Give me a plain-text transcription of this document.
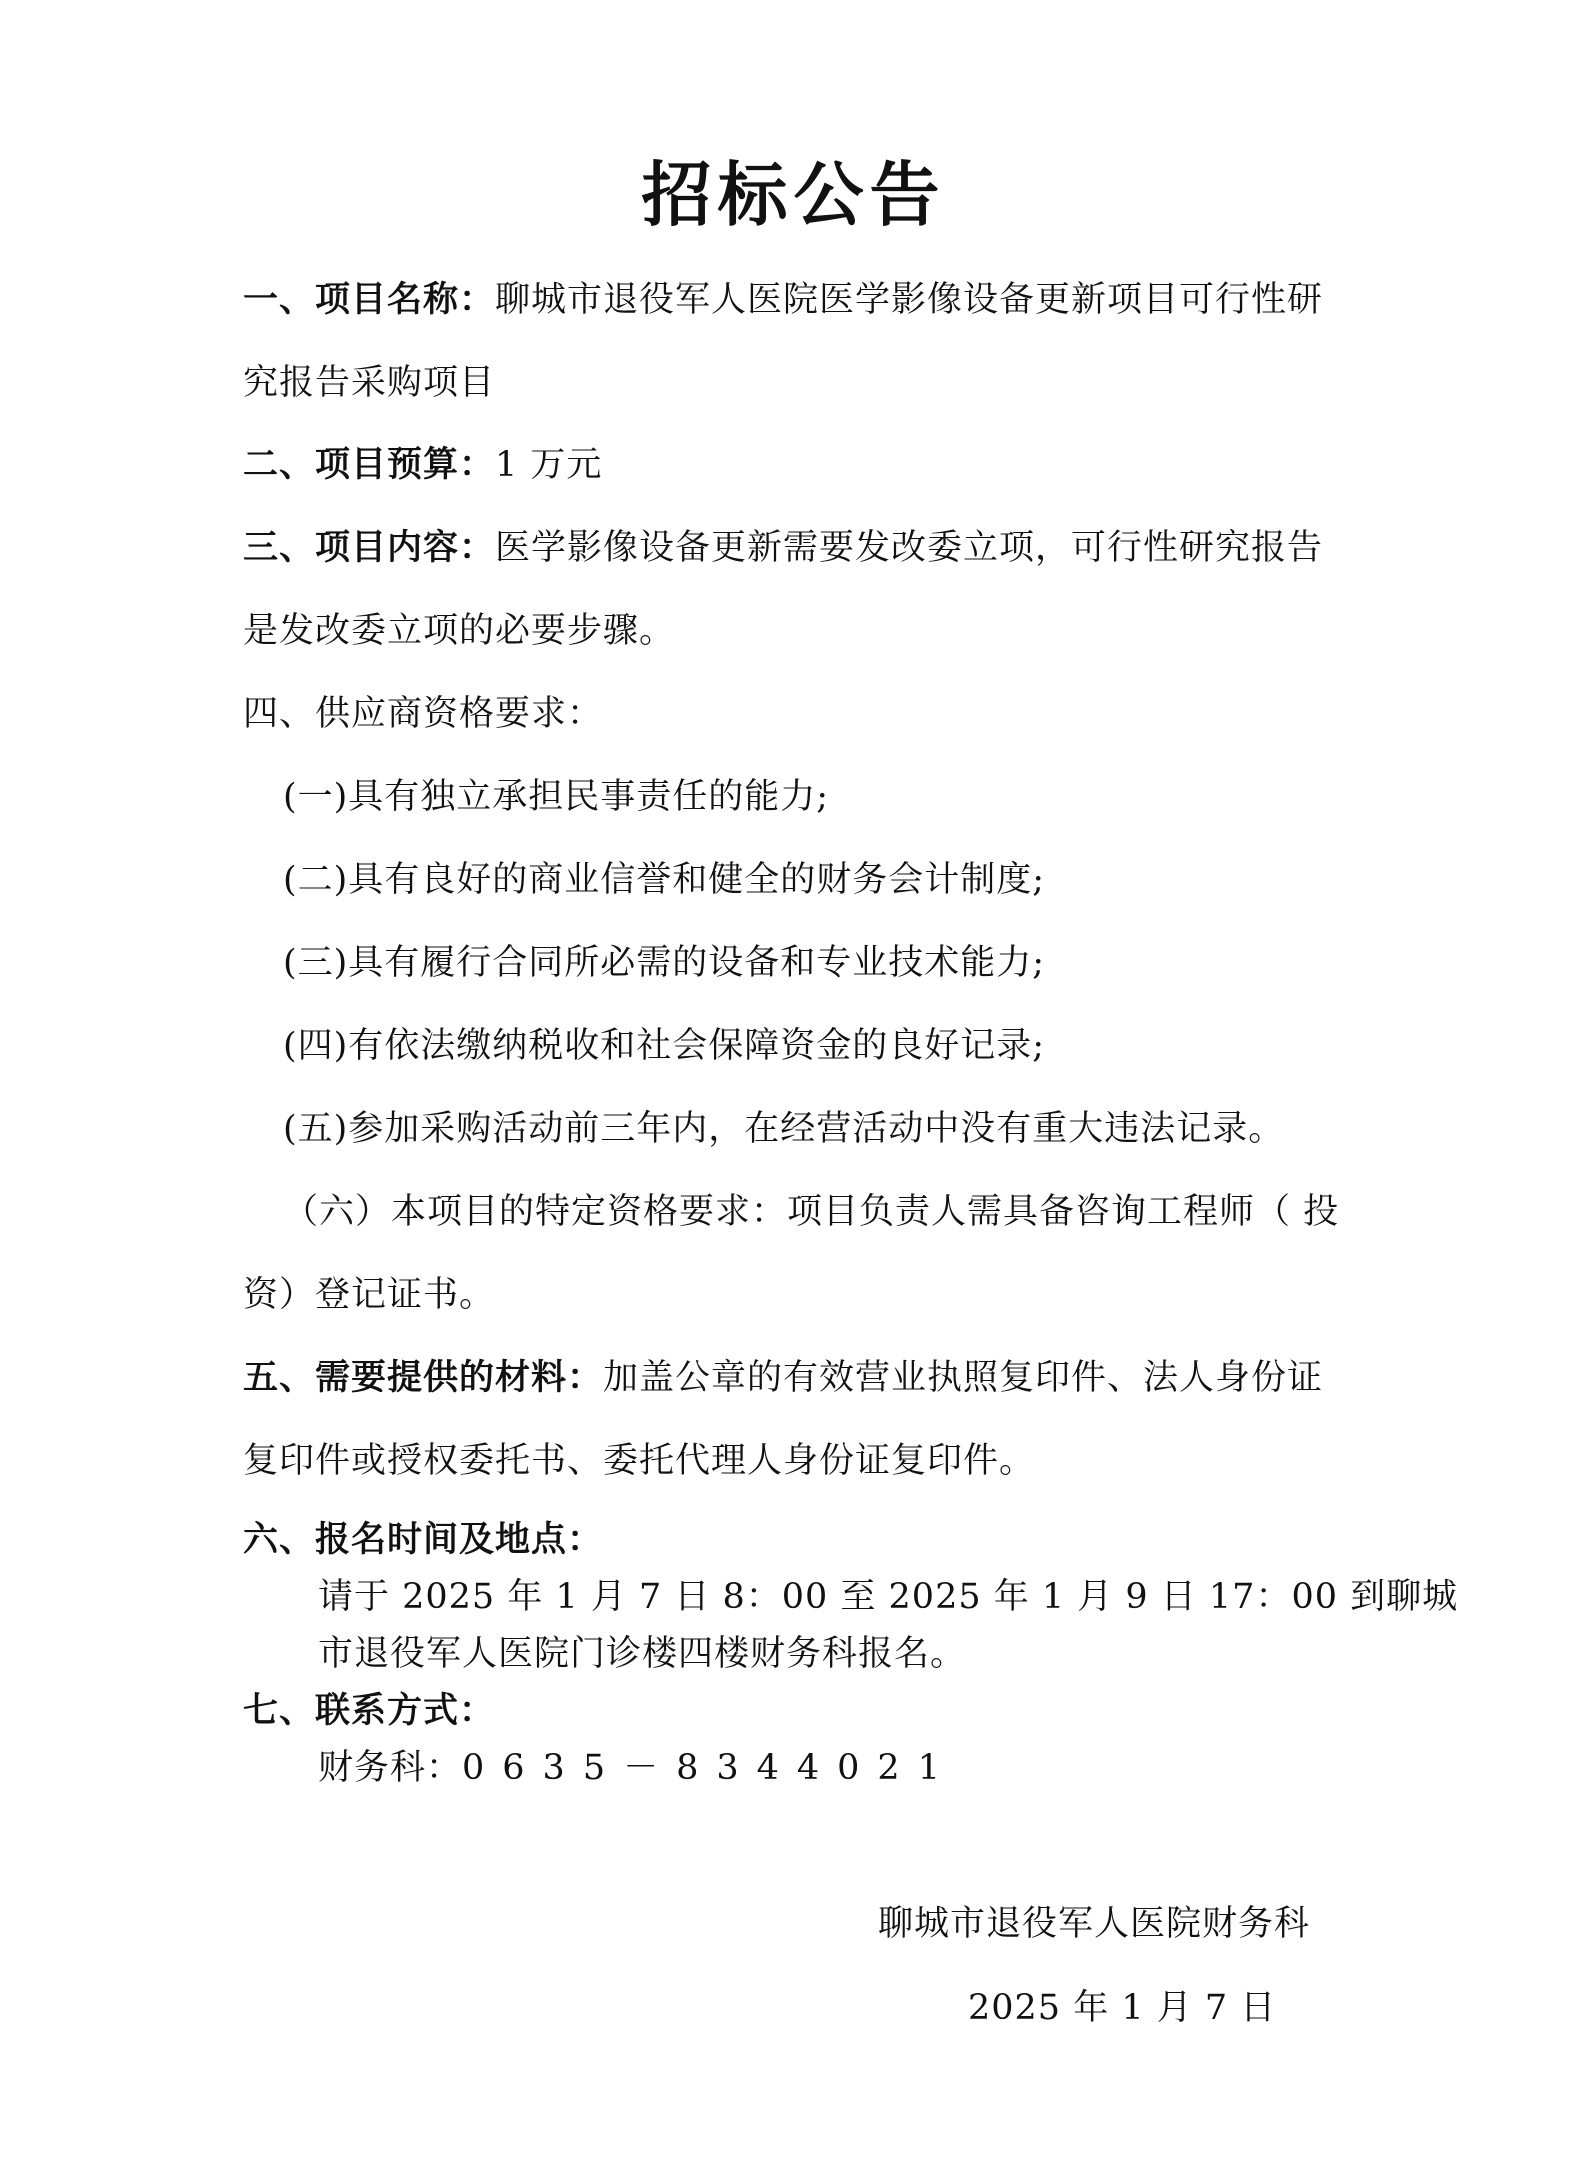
招标公告
一、项目名称：聊城市退役军人医院医学影像设备更新项目可行性研
究报告采购项目
二、项目预算：1 万元
三、项目内容：医学影像设备更新需要发改委立项，可行性研究报告
是发改委立项的必要步骤。
四、供应商资格要求：
(一)具有独立承担民事责任的能力;
(二)具有良好的商业信誉和健全的财务会计制度;
(三)具有履行合同所必需的设备和专业技术能力;
(四)有依法缴纳税收和社会保障资金的良好记录;
(五)参加采购活动前三年内，在经营活动中没有重大违法记录。
（六）本项目的特定资格要求：项目负责人需具备咨询工程师（ 投
资）登记证书。
五、需要提供的材料：加盖公章的有效营业执照复印件、法人身份证
复印件或授权委托书、委托代理人身份证复印件。
六、报名时间及地点：
请于 2025 年 1 月 7 日 8：00 至 2025 年 1 月 9 日 17：00 到聊城
市退役军人医院门诊楼四楼财务科报名。
七、联系方式：
财务科：0635－8344021
聊城市退役军人医院财务科
2025 年 1 月 7 日
